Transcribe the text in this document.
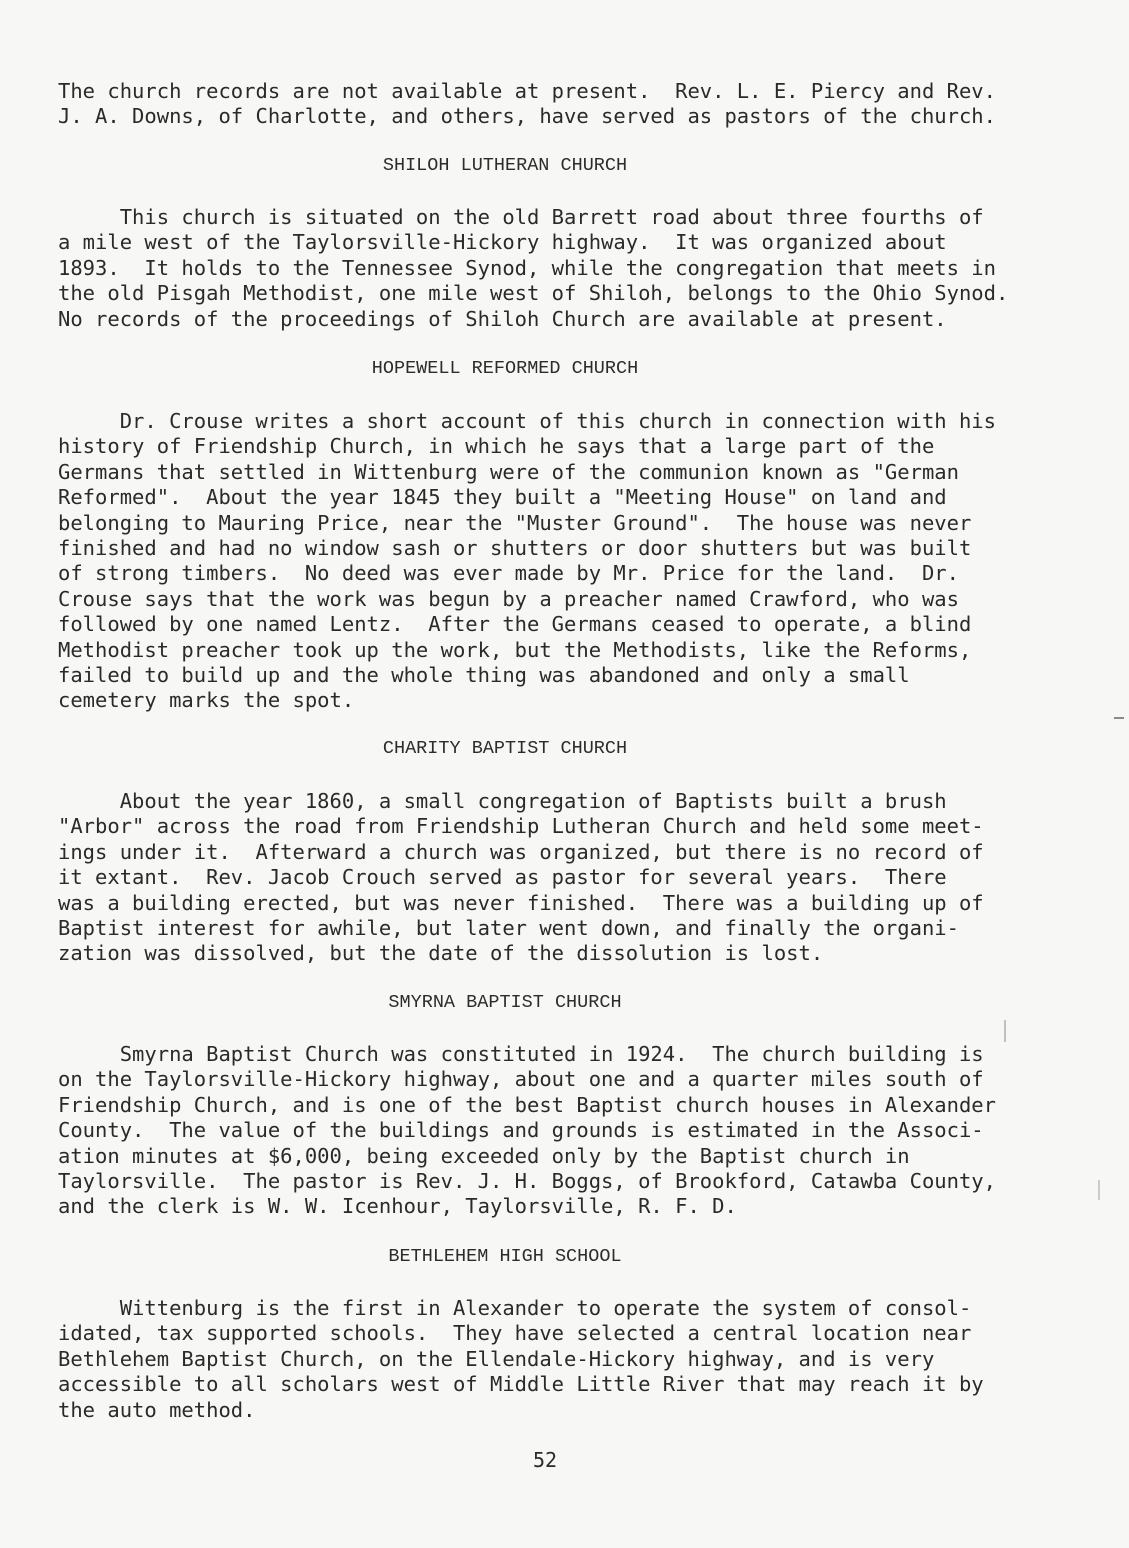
The church records are not available at present.  Rev. L. E. Piercy and Rev.
J. A. Downs, of Charlotte, and others, have served as pastors of the church.
SHILOH LUTHERAN CHURCH
This church is situated on the old Barrett road about three fourths of
a mile west of the Taylorsville-Hickory highway.  It was organized about
1893.  It holds to the Tennessee Synod, while the congregation that meets in
the old Pisgah Methodist, one mile west of Shiloh, belongs to the Ohio Synod.
No records of the proceedings of Shiloh Church are available at present.
HOPEWELL REFORMED CHURCH
Dr. Crouse writes a short account of this church in connection with his
history of Friendship Church, in which he says that a large part of the
Germans that settled in Wittenburg were of the communion known as "German
Reformed".  About the year 1845 they built a "Meeting House" on land and
belonging to Mauring Price, near the "Muster Ground".  The house was never
finished and had no window sash or shutters or door shutters but was built
of strong timbers.  No deed was ever made by Mr. Price for the land.  Dr.
Crouse says that the work was begun by a preacher named Crawford, who was
followed by one named Lentz.  After the Germans ceased to operate, a blind
Methodist preacher took up the work, but the Methodists, like the Reforms,
failed to build up and the whole thing was abandoned and only a small
cemetery marks the spot.
CHARITY BAPTIST CHURCH
About the year 1860, a small congregation of Baptists built a brush
"Arbor" across the road from Friendship Lutheran Church and held some meet-
ings under it.  Afterward a church was organized, but there is no record of
it extant.  Rev. Jacob Crouch served as pastor for several years.  There
was a building erected, but was never finished.  There was a building up of
Baptist interest for awhile, but later went down, and finally the organi-
zation was dissolved, but the date of the dissolution is lost.
SMYRNA BAPTIST CHURCH
Smyrna Baptist Church was constituted in 1924.  The church building is
on the Taylorsville-Hickory highway, about one and a quarter miles south of
Friendship Church, and is one of the best Baptist church houses in Alexander
County.  The value of the buildings and grounds is estimated in the Associ-
ation minutes at $6,000, being exceeded only by the Baptist church in
Taylorsville.  The pastor is Rev. J. H. Boggs, of Brookford, Catawba County,
and the clerk is W. W. Icenhour, Taylorsville, R. F. D.
BETHLEHEM HIGH SCHOOL
Wittenburg is the first in Alexander to operate the system of consol-
idated, tax supported schools.  They have selected a central location near
Bethlehem Baptist Church, on the Ellendale-Hickory highway, and is very
accessible to all scholars west of Middle Little River that may reach it by
the auto method.
52
